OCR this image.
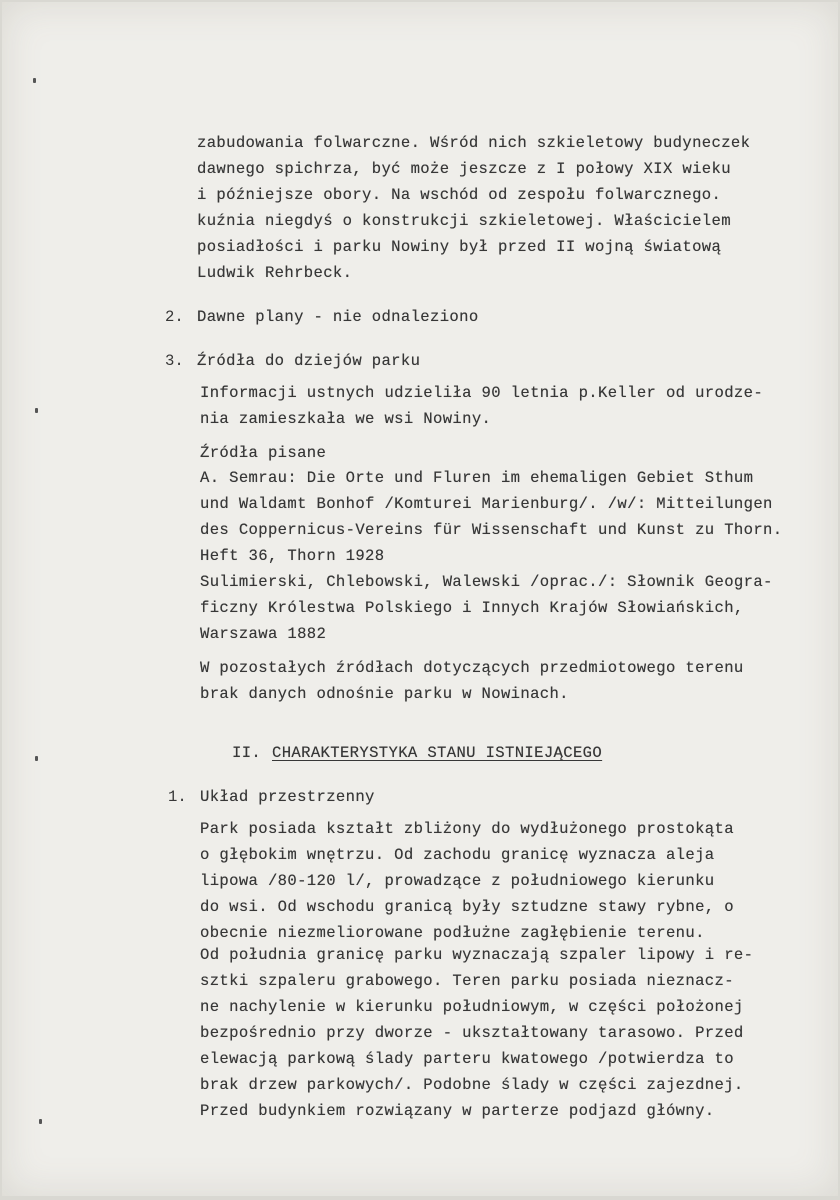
zabudowania folwarczne. Wśród nich szkieletowy budyneczek
dawnego spichrza, być może jeszcze z I połowy XIX wieku
i późniejsze obory. Na wschód od zespołu folwarcznego.
kuźnia niegdyś o konstrukcji szkieletowej. Właścicielem
posiadłości i parku Nowiny był przed II wojną światową
Ludwik Rehrbeck.
2. Dawne plany - nie odnaleziono
3. Źródła do dziejów parku
Informacji ustnych udzieliła 90 letnia p.Keller od urodze-
nia zamieszkała we wsi Nowiny.
Źródła pisane
A. Semrau: Die Orte und Fluren im ehemaligen Gebiet Sthum
und Waldamt Bonhof /Komturei Marienburg/. /w/: Mitteilungen
des Coppernicus-Vereins für Wissenschaft und Kunst zu Thorn.
Heft 36, Thorn 1928
Sulimierski, Chlebowski, Walewski /oprac./: Słownik Geogra-
ficzny Królestwa Polskiego i Innych Krajów Słowiańskich,
Warszawa 1882
W pozostałych źródłach dotyczących przedmiotowego terenu
brak danych odnośnie parku w Nowinach.
II. CHARAKTERYSTYKA STANU ISTNIEJĄCEGO
1. Układ przestrzenny
Park posiada kształt zbliżony do wydłużonego prostokąta
o głębokim wnętrzu. Od zachodu granicę wyznacza aleja
lipowa /80-120 l/, prowadzące z południowego kierunku
do wsi. Od wschodu granicą były sztudzne stawy rybne, o
obecnie niezmeliorowane podłużne zagłębienie terenu.
Od południa granicę parku wyznaczają szpaler lipowy i re-
sztki szpaleru grabowego. Teren parku posiada nieznacz-
ne nachylenie w kierunku południowym, w części położonej
bezpośrednio przy dworze - ukształtowany tarasowo. Przed
elewacją parkową ślady parteru kwatowego /potwierdza to
brak drzew parkowych/. Podobne ślady w części zajezdnej.
Przed budynkiem rozwiązany w parterze podjazd główny.
